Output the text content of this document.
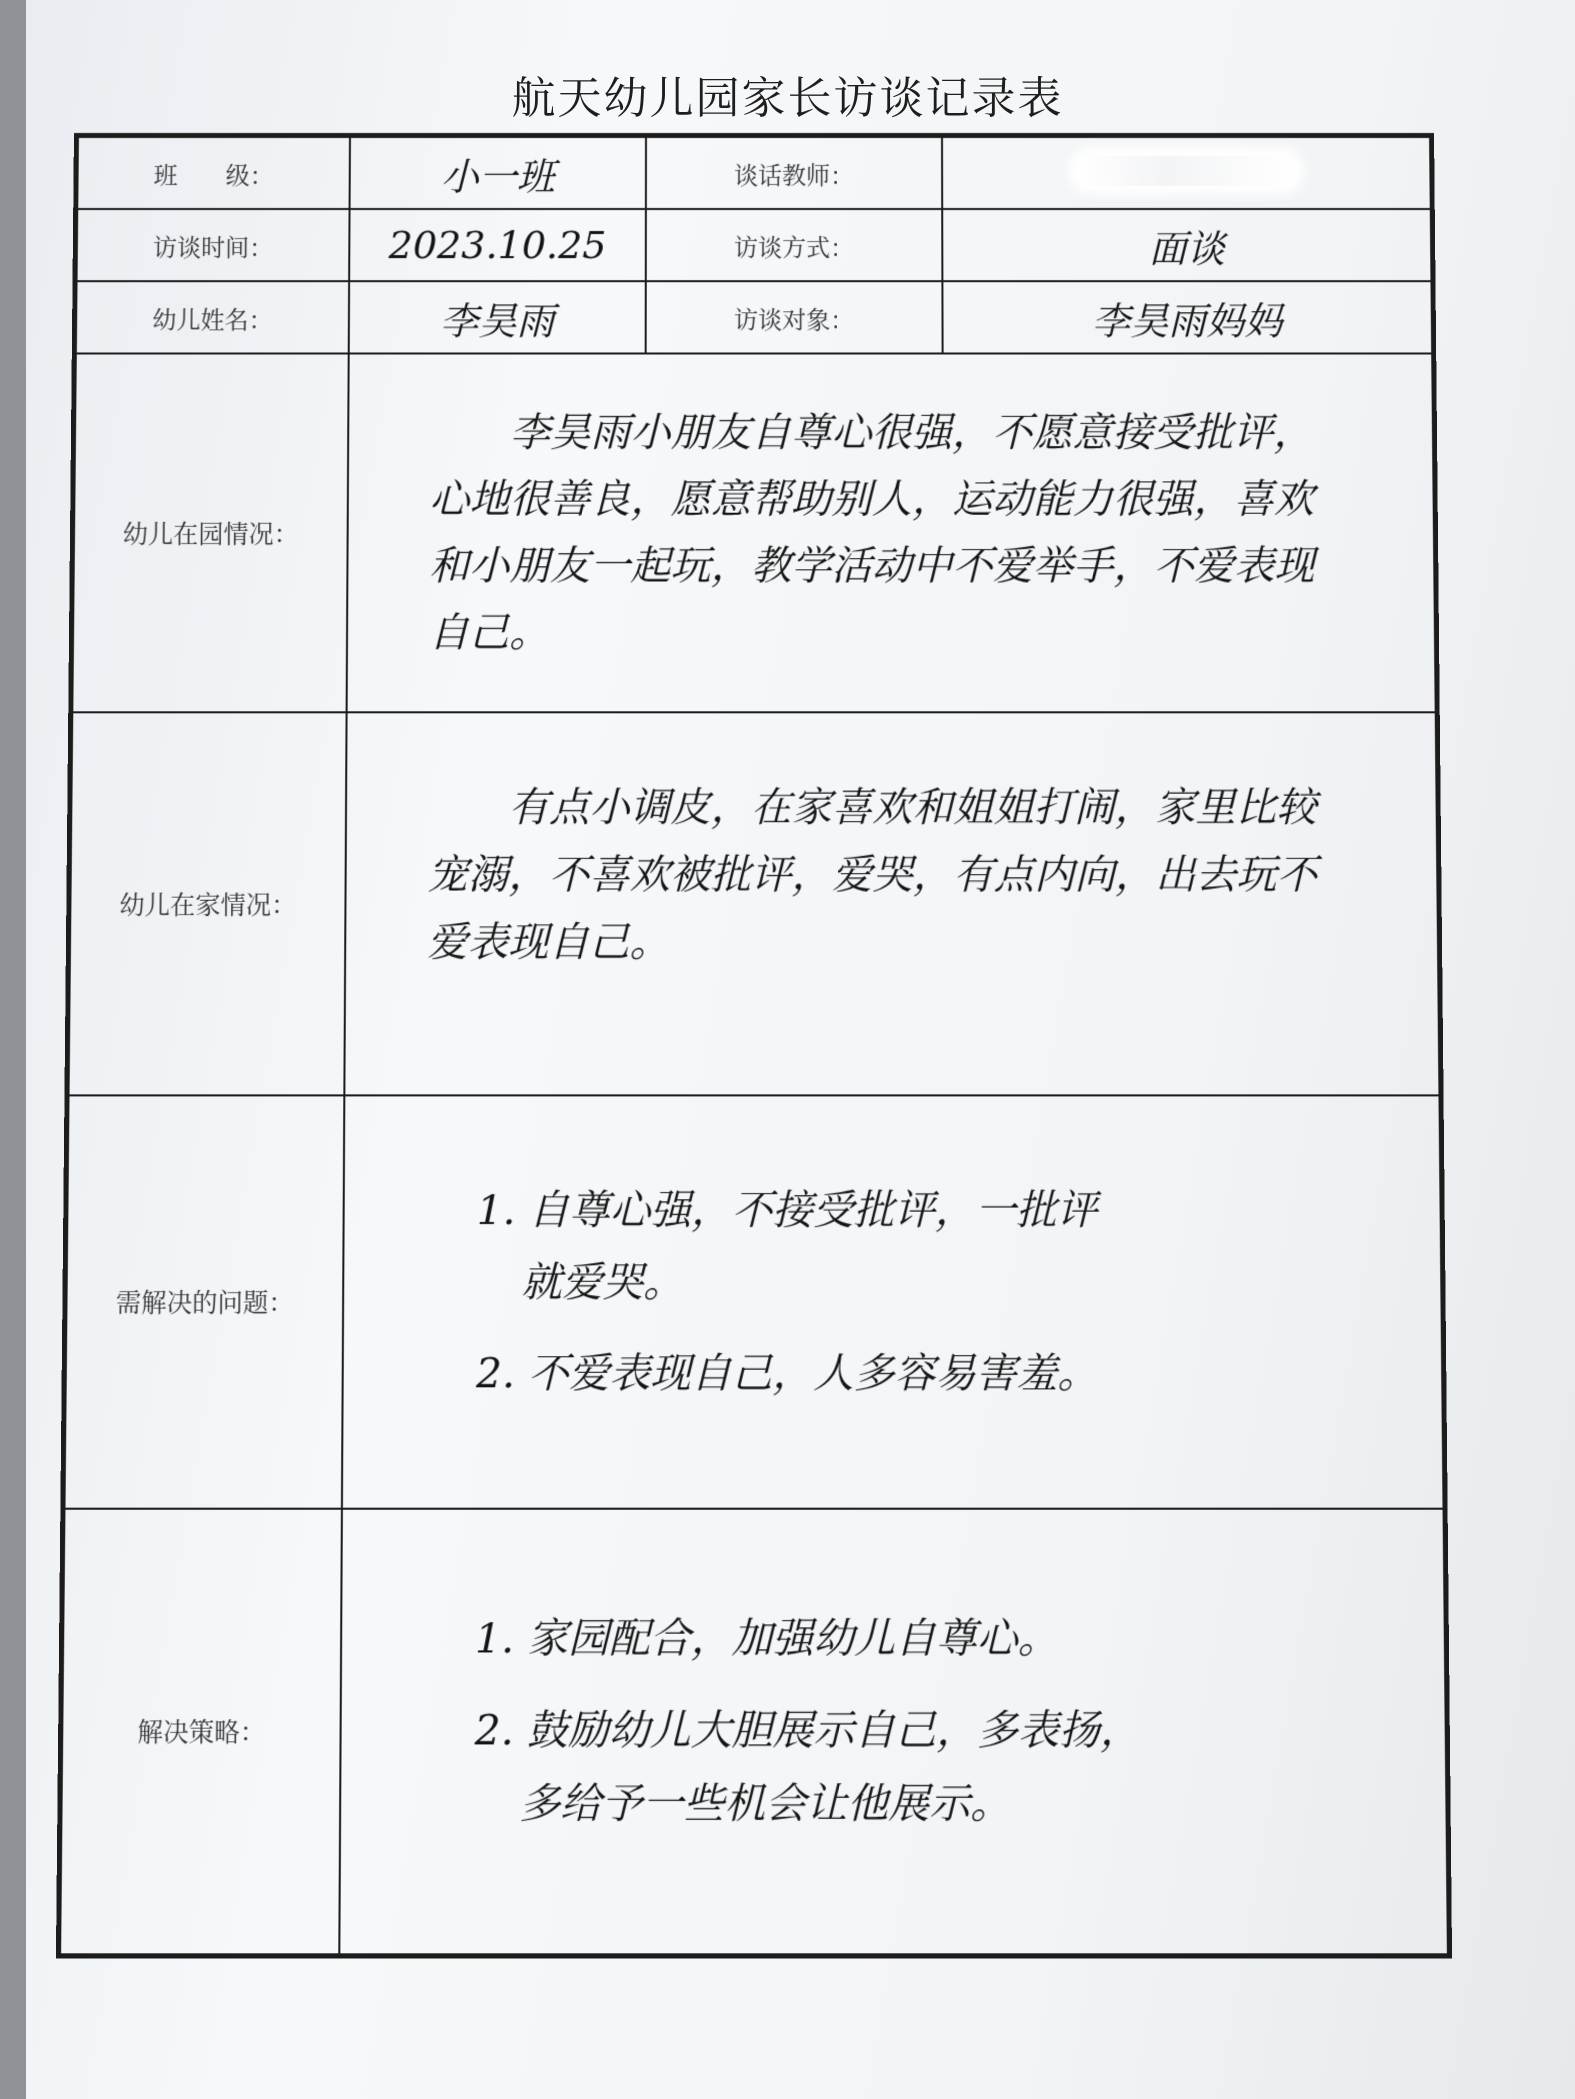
航天幼儿园家长访谈记录表
班　　级：	小一班	谈话教师：	
访谈时间：	2023.10.25	访谈方式：	面谈
幼儿姓名：	李昊雨	访谈对象：	李昊雨妈妈
幼儿在园情况：	李昊雨小朋友自尊心很强，不愿意接受批评，心地很善良，愿意帮助别人，运动能力很强，喜欢和小朋友一起玩，教学活动中不爱举手，不爱表现自己。		

幼儿在家情况：	有点小调皮，在家喜欢和姐姐打闹，家里比较宠溺，不喜欢被批评，爱哭，有点内向，出去玩不爱表现自己。		

需解决的问题：	1. 自尊心强，不接受批评，一批评
就爱哭。
2. 不爱表现自己，人多容易害羞。		

解决策略：	1. 家园配合，加强幼儿自尊心。
2. 鼓励幼儿大胆展示自己，多表扬，
多给予一些机会让他展示。		
